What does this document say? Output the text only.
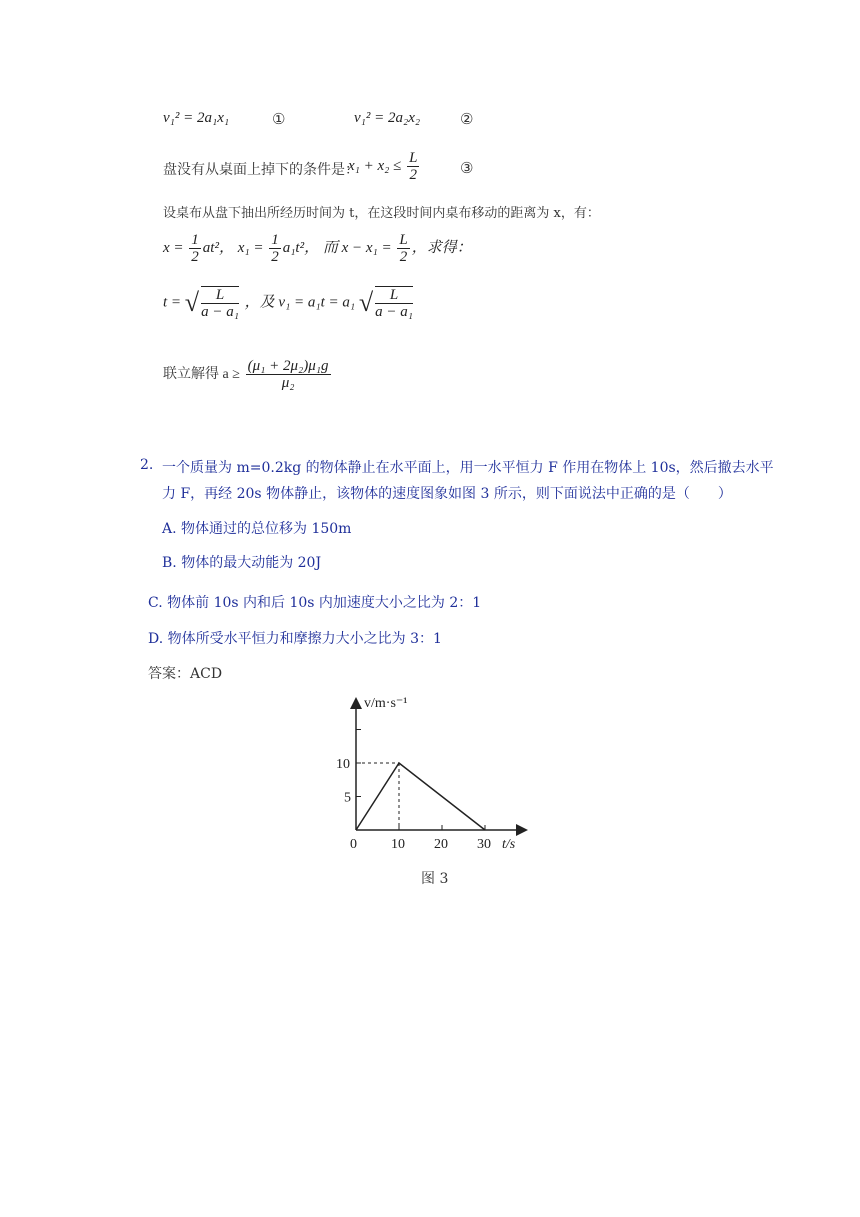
v₁² = 2a₁x₁	①	v₁² = 2a₂x₂	②
盘没有从桌面上掉下的条件是：
$x_1 + x_2 \le \frac{L}{2}$	③
设桌布从盘下抽出所经历时间为 t，在这段时间内桌布移动的距离为 x，有：
$x = \frac{1}{2} at^2$， $x_1 = \frac{1}{2} a_1t^2$， 而 $x - x_1 = \frac{L}{2}$ ，求得：
t = √ $\frac{L}{\text{a − a₁}}$ ，及 v₁ = a₁t = a₁ √ $\frac{L}{\text{a − a₁}}$
联立解得 $a \ge \frac{\text{(μ₁ + 2μ₂)μ₁g}}{\text{μ₂}}$
2. 一个质量为 m=0.2kg 的物体静止在水平面上，用一水平恒力 F 作用在物体上 10s，然后撤去水平
力 F，再经 20s 物体静止，该物体的速度图象如图 3 所示，则下面说法中正确的是（　　）
A. 物体通过的总位移为 150m
B. 物体的最大动能为 20J
C. 物体前 10s 内和后 10s 内加速度大小之比为 2：1
D. 物体所受水平恒力和摩擦力大小之比为 3：1
答案：ACD
v/m·s⁻¹
t/s
0 10 20 30
10
5
图 3
